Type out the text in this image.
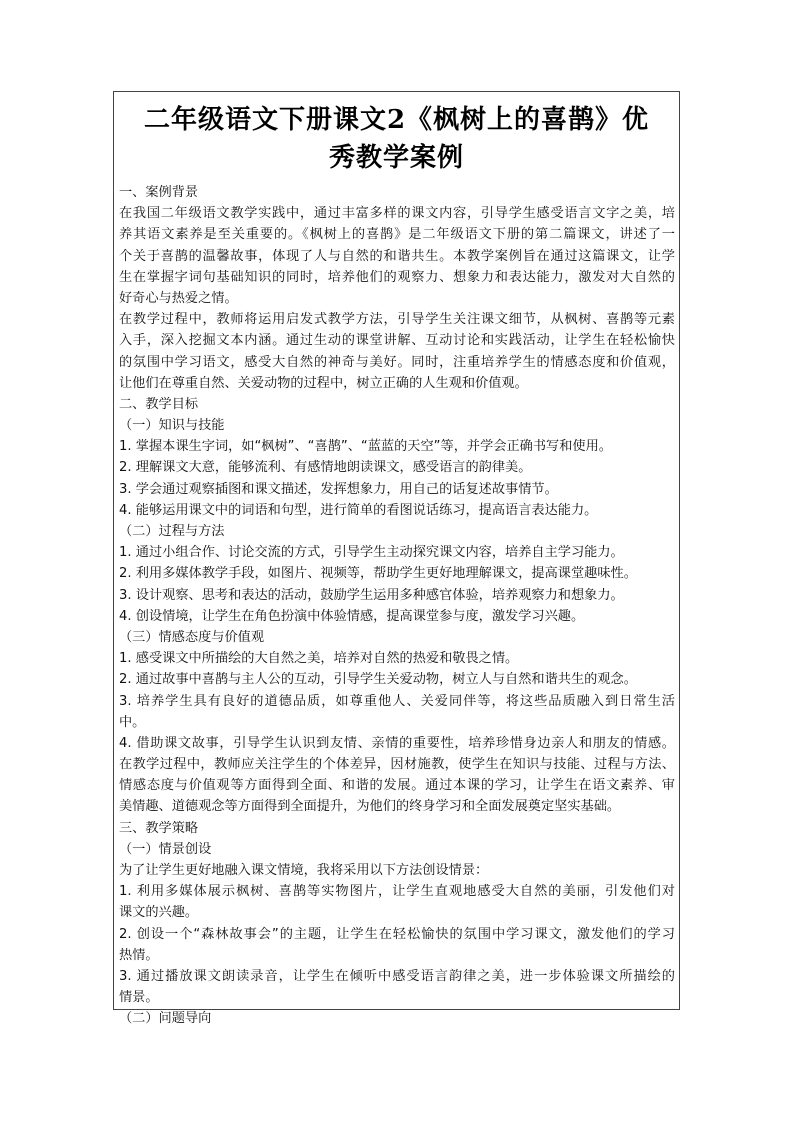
二年级语文下册课文2《枫树上的喜鹊》优
秀教学案例
一、案例背景
在我国二年级语文教学实践中，通过丰富多样的课文内容，引导学生感受语言文字之美，培
养其语文素养是至关重要的。《枫树上的喜鹊》是二年级语文下册的第二篇课文，讲述了一
个关于喜鹊的温馨故事，体现了人与自然的和谐共生。本教学案例旨在通过这篇课文，让学
生在掌握字词句基础知识的同时，培养他们的观察力、想象力和表达能力，激发对大自然的
好奇心与热爱之情。
在教学过程中，教师将运用启发式教学方法，引导学生关注课文细节，从枫树、喜鹊等元素
入手，深入挖掘文本内涵。通过生动的课堂讲解、互动讨论和实践活动，让学生在轻松愉快
的氛围中学习语文，感受大自然的神奇与美好。同时，注重培养学生的情感态度和价值观，
让他们在尊重自然、关爱动物的过程中，树立正确的人生观和价值观。
二、教学目标
（一）知识与技能
1. 掌握本课生字词，如“枫树”、“喜鹊”、“蓝蓝的天空”等，并学会正确书写和使用。
2. 理解课文大意，能够流利、有感情地朗读课文，感受语言的韵律美。
3. 学会通过观察插图和课文描述，发挥想象力，用自己的话复述故事情节。
4. 能够运用课文中的词语和句型，进行简单的看图说话练习，提高语言表达能力。
（二）过程与方法
1. 通过小组合作、讨论交流的方式，引导学生主动探究课文内容，培养自主学习能力。
2. 利用多媒体教学手段，如图片、视频等，帮助学生更好地理解课文，提高课堂趣味性。
3. 设计观察、思考和表达的活动，鼓励学生运用多种感官体验，培养观察力和想象力。
4. 创设情境，让学生在角色扮演中体验情感，提高课堂参与度，激发学习兴趣。
（三）情感态度与价值观
1. 感受课文中所描绘的大自然之美，培养对自然的热爱和敬畏之情。
2. 通过故事中喜鹊与主人公的互动，引导学生关爱动物，树立人与自然和谐共生的观念。
3. 培养学生具有良好的道德品质，如尊重他人、关爱同伴等，将这些品质融入到日常生活
中。
4. 借助课文故事，引导学生认识到友情、亲情的重要性，培养珍惜身边亲人和朋友的情感。
在教学过程中，教师应关注学生的个体差异，因材施教，使学生在知识与技能、过程与方法、
情感态度与价值观等方面得到全面、和谐的发展。通过本课的学习，让学生在语文素养、审
美情趣、道德观念等方面得到全面提升，为他们的终身学习和全面发展奠定坚实基础。
三、教学策略
（一）情景创设
为了让学生更好地融入课文情境，我将采用以下方法创设情景：
1. 利用多媒体展示枫树、喜鹊等实物图片，让学生直观地感受大自然的美丽，引发他们对
课文的兴趣。
2. 创设一个“森林故事会”的主题，让学生在轻松愉快的氛围中学习课文，激发他们的学习
热情。
3. 通过播放课文朗读录音，让学生在倾听中感受语言韵律之美，进一步体验课文所描绘的
情景。
（二）问题导向
